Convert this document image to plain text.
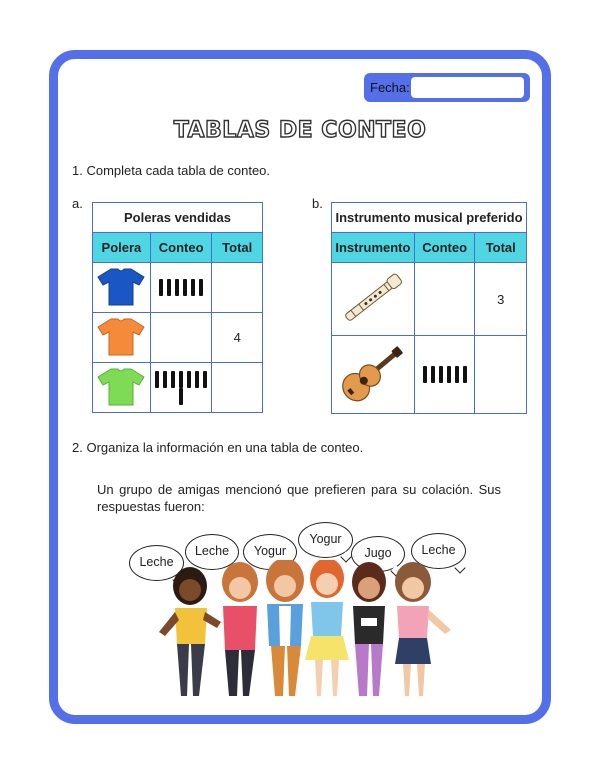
Fecha:
TABLAS DE CONTEO
1. Completa cada tabla de conteo.
a.
Poleras vendidas		
Polera	Conteo	Total

		4

b.
Instrumento musical preferido		
Instrumento	Conteo	Total
		3

2. Organiza la información en una tabla de conteo.
Un grupo de amigas mencionó que prefieren para su colación. Sus respuestas fueron:
Leche
Leche	Yogur
Yogur
Jugo	Leche
